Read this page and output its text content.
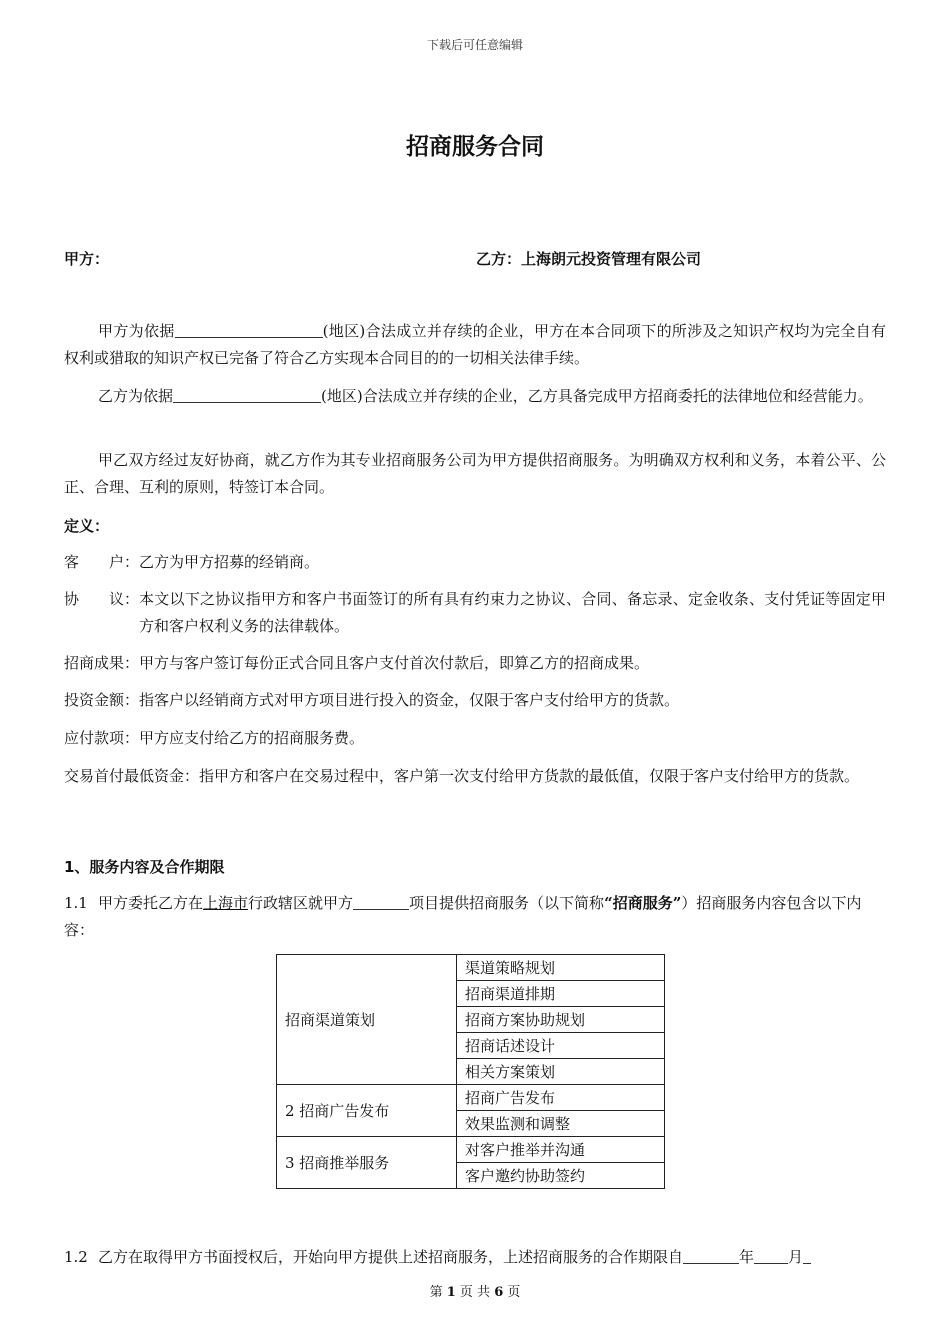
下载后可任意编辑
招商服务合同
甲方：	乙方：上海朗元投资管理有限公司
甲方为依据	(地区)合法成立并存续的企业，甲方在本合同项下的所涉及之知识产权均为完全自有权利或猎取的知识产权已完备了符合乙方实现本合同目的的一切相关法律手续。
乙方为依据	(地区)合法成立并存续的企业，乙方具备完成甲方招商委托的法律地位和经营能力。
甲乙双方经过友好协商，就乙方作为其专业招商服务公司为甲方提供招商服务。为明确双方权利和义务，本着公平、公正、合理、互利的原则，特签订本合同。
定义：
客　　户： 乙方为甲方招募的经销商。
协　　议： 本文以下之协议指甲方和客户书面签订的所有具有约束力之协议、合同、备忘录、定金收条、支付凭证等固定甲方和客户权利义务的法律载体。
招商成果： 甲方与客户签订每份正式合同且客户支付首次付款后，即算乙方的招商成果。
投资金额： 指客户以经销商方式对甲方项目进行投入的资金，仅限于客户支付给甲方的货款。
应付款项： 甲方应支付给乙方的招商服务费。
交易首付最低资金： 指甲方和客户在交易过程中，客户第一次支付给甲方货款的最低值，仅限于客户支付给甲方的货款。
1、服务内容及合作期限
1.1 甲方委托乙方在上海市行政辖区就甲方	项目提供招商服务（以下简称“招商服务”）招商服务内容包含以下内容：
招商渠道策划	渠道策略规划
	招商渠道排期
	招商方案协助规划
	招商话述设计
	相关方案策划
2 招商广告发布	招商广告发布
	效果监测和调整
3 招商推举服务	对客户推举并沟通
	客户邀约协助签约
1.2 乙方在取得甲方书面授权后，开始向甲方提供上述招商服务，上述招商服务的合作期限自	年 月
第 1 页 共 6 页
